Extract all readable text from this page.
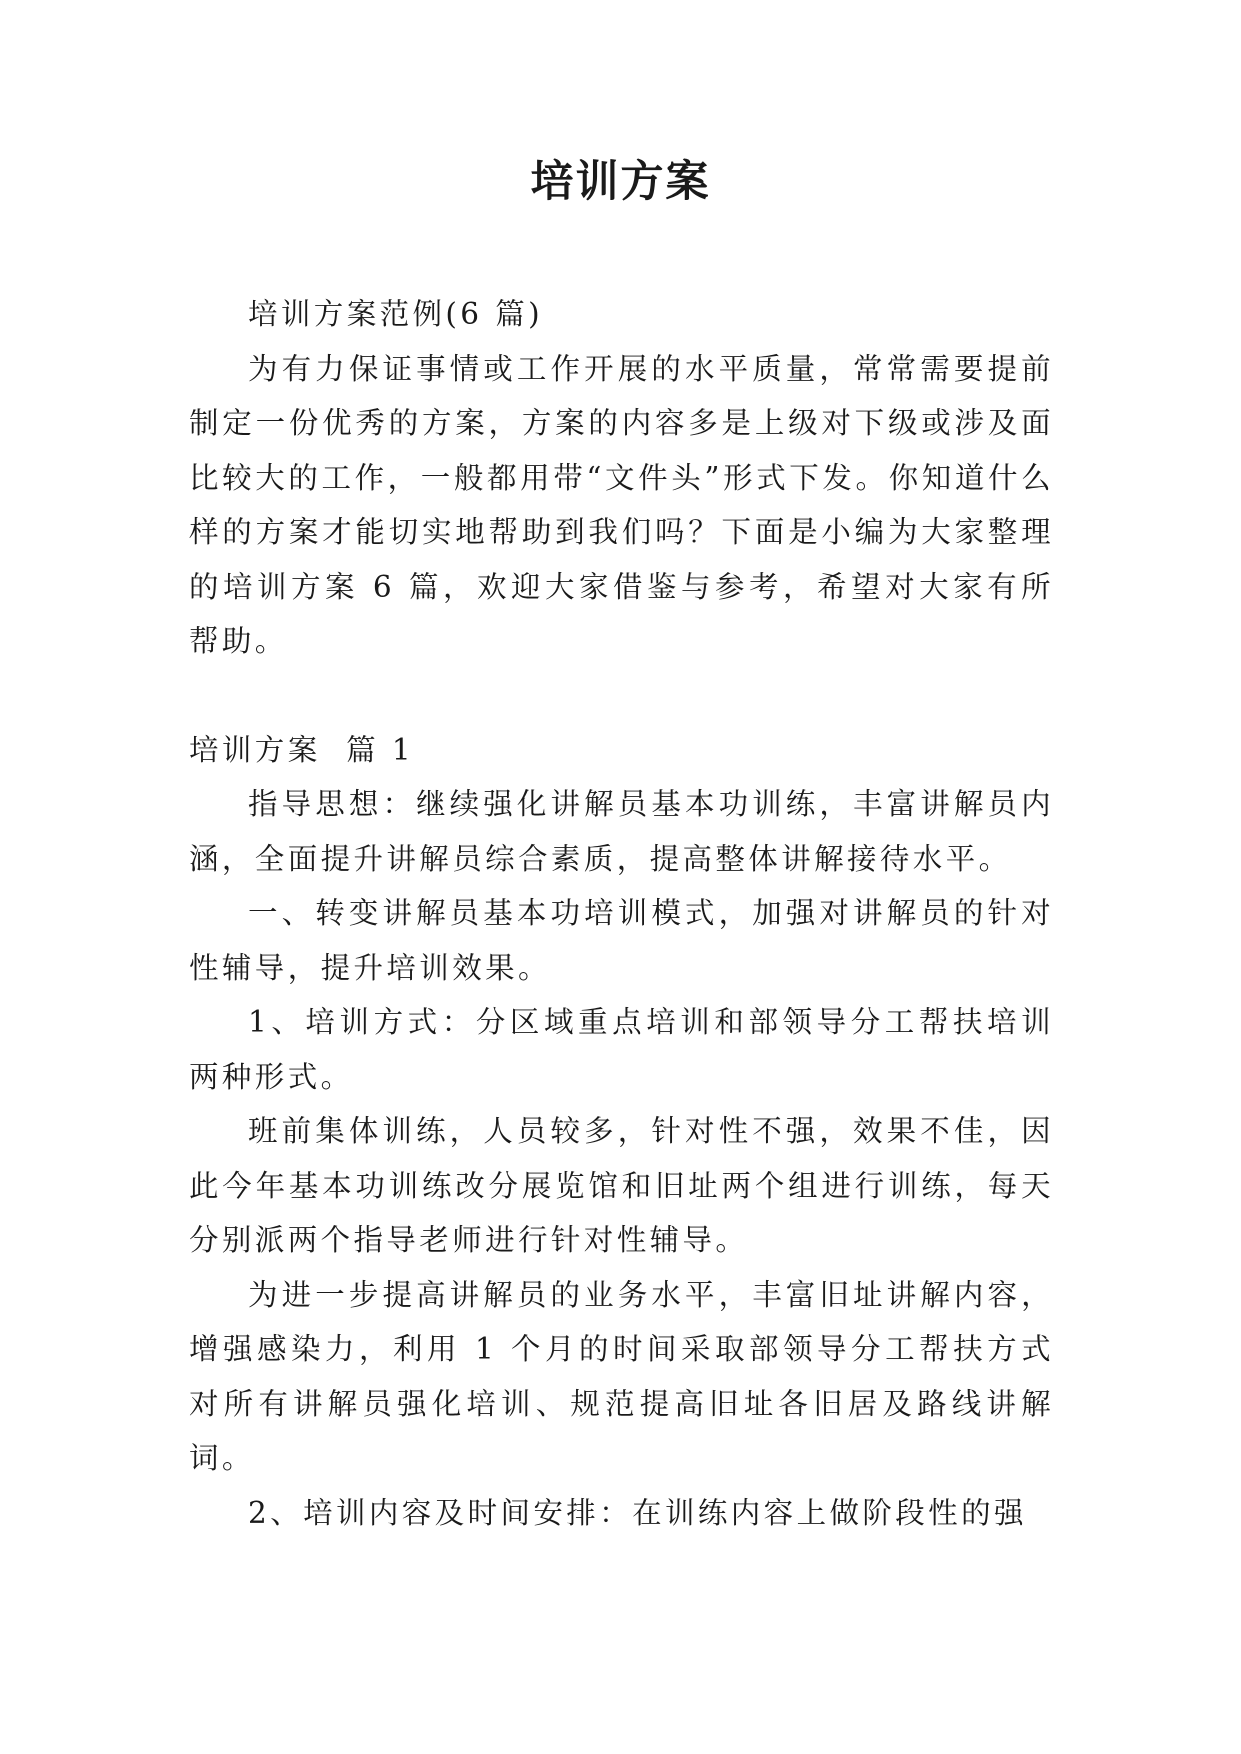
培训方案

培训方案范例(6 篇)

为有力保证事情或工作开展的水平质量，常常需要提前制定一份优秀的方案，方案的内容多是上级对下级或涉及面比较大的工作，一般都用带“文件头”形式下发。你知道什么样的方案才能切实地帮助到我们吗？下面是小编为大家整理的培训方案 6 篇，欢迎大家借鉴与参考，希望对大家有所帮助。

培训方案  篇 1

指导思想：继续强化讲解员基本功训练，丰富讲解员内涵，全面提升讲解员综合素质，提高整体讲解接待水平。

一、转变讲解员基本功培训模式，加强对讲解员的针对性辅导，提升培训效果。

1、培训方式：分区域重点培训和部领导分工帮扶培训两种形式。

班前集体训练，人员较多，针对性不强，效果不佳，因此今年基本功训练改分展览馆和旧址两个组进行训练，每天分别派两个指导老师进行针对性辅导。

为进一步提高讲解员的业务水平，丰富旧址讲解内容，增强感染力，利用 1 个月的时间采取部领导分工帮扶方式对所有讲解员强化培训、规范提高旧址各旧居及路线讲解词。

2、培训内容及时间安排：在训练内容上做阶段性的强
